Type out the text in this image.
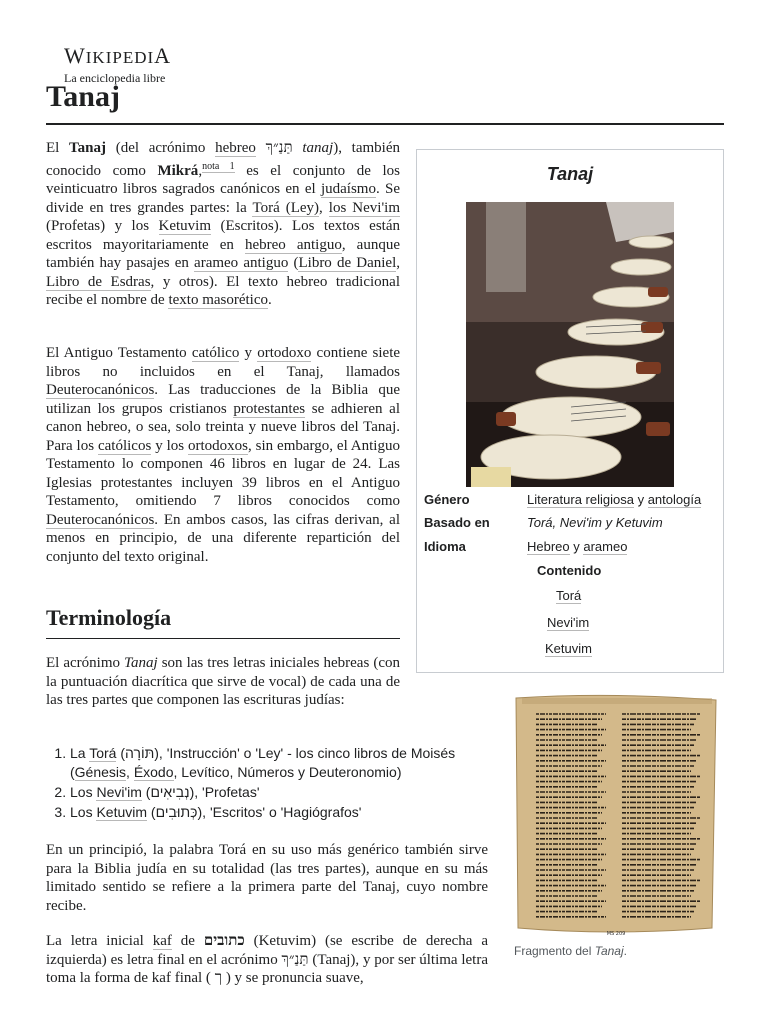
WIKIPEDIA
La enciclopedia libre
Tanaj

El Tanaj (del acrónimo hebreo תַּנַ״ךְ tanaj), también conocido como Mikrá,$^{nota 1}$ es el conjunto de los veinticuatro libros sagrados canónicos en el judaísmo. Se divide en tres grandes partes: la Torá (Ley), los Nevi'im (Profetas) y los Ketuvim (Escritos). Los textos están escritos mayoritariamente en hebreo antiguo, aunque también hay pasajes en arameo antiguo (Libro de Daniel, Libro de Esdras, y otros). El texto hebreo tradicional recibe el nombre de texto masorético.

El Antiguo Testamento católico y ortodoxo contiene siete libros no incluidos en el Tanaj, llamados Deuterocanónicos. Las traducciones de la Biblia que utilizan los grupos cristianos protestantes se adhieren al canon hebreo, o sea, solo treinta y nueve libros del Tanaj. Para los católicos y los ortodoxos, sin embargo, el Antiguo Testamento lo componen 46 libros en lugar de 24. Las Iglesias protestantes incluyen 39 libros en el Antiguo Testamento, omitiendo 7 libros conocidos como Deuterocanónicos. En ambos casos, las cifras derivan, al menos en principio, de una diferente repartición del conjunto del texto original.

Terminología

El acrónimo Tanaj son las tres letras iniciales hebreas (con la puntuación diacrítica que sirve de vocal) de cada una de las tres partes que componen las escrituras judías:

1. La Torá (תּוֹרָה), 'Instrucción' o 'Ley' - los cinco libros de Moisés (Génesis, Éxodo, Levítico, Números y Deuteronomio)
2. Los Nevi'im (נְבִיאִים), 'Profetas'
3. Los Ketuvim (כְּתוּבִים), 'Escritos' o 'Hagiógrafos'

En un principió, la palabra Torá en su uso más genérico también sirve para la Biblia judía en su totalidad (las tres partes), aunque en su más limitado sentido se refiere a la primera parte del Tanaj, cuyo nombre recibe.

La letra inicial kaf de כתובים (Ketuvim) (se escribe de derecha a izquierda) es letra final en el acrónimo תַּנַ״ךְ (Tanaj), y por ser última letra toma la forma de kaf final ( ך ) y se pronuncia suave,

Tanaj
Género	Literatura religiosa y antología
Basado en	Torá, Nevi'im y Ketuvim
Idioma	Hebreo y arameo
Contenido
Torá
Nevi'im
Ketuvim
MS 209
Fragmento del Tanaj.
